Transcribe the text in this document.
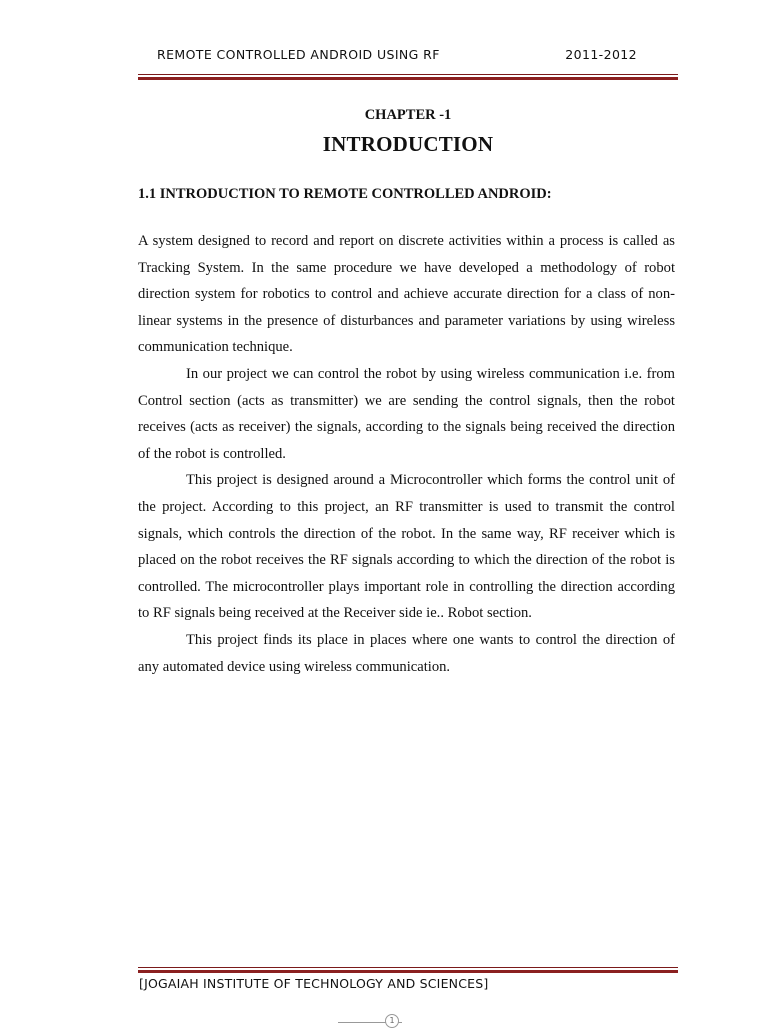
REMOTE CONTROLLED ANDROID USING RF	2011-2012
CHAPTER -1
INTRODUCTION
1.1 INTRODUCTION TO REMOTE CONTROLLED ANDROID:

A system designed to record and report on discrete activities within a process is called as Tracking System. In the same procedure we have developed a methodology of robot direction system for robotics to control and achieve accurate direction for a class of non-linear systems in the presence of disturbances and parameter variations by using wireless communication technique.

In our project we can control the robot by using wireless communication i.e. from Control section (acts as transmitter) we are sending the control signals, then the robot receives (acts as receiver) the signals, according to the signals being received the direction of the robot is controlled.

This project is designed around a Microcontroller which forms the control unit of the project. According to this project, an RF transmitter is used to transmit the control signals, which controls the direction of the robot. In the same way, RF receiver which is placed on the robot receives the RF signals according to which the direction of the robot is controlled. The microcontroller plays important role in controlling the direction according to RF signals being received at the Receiver side ie.. Robot section.

This project finds its place in places where one wants to control the direction of any automated device using wireless communication.

[JOGAIAH INSTITUTE OF TECHNOLOGY AND SCIENCES]
1
